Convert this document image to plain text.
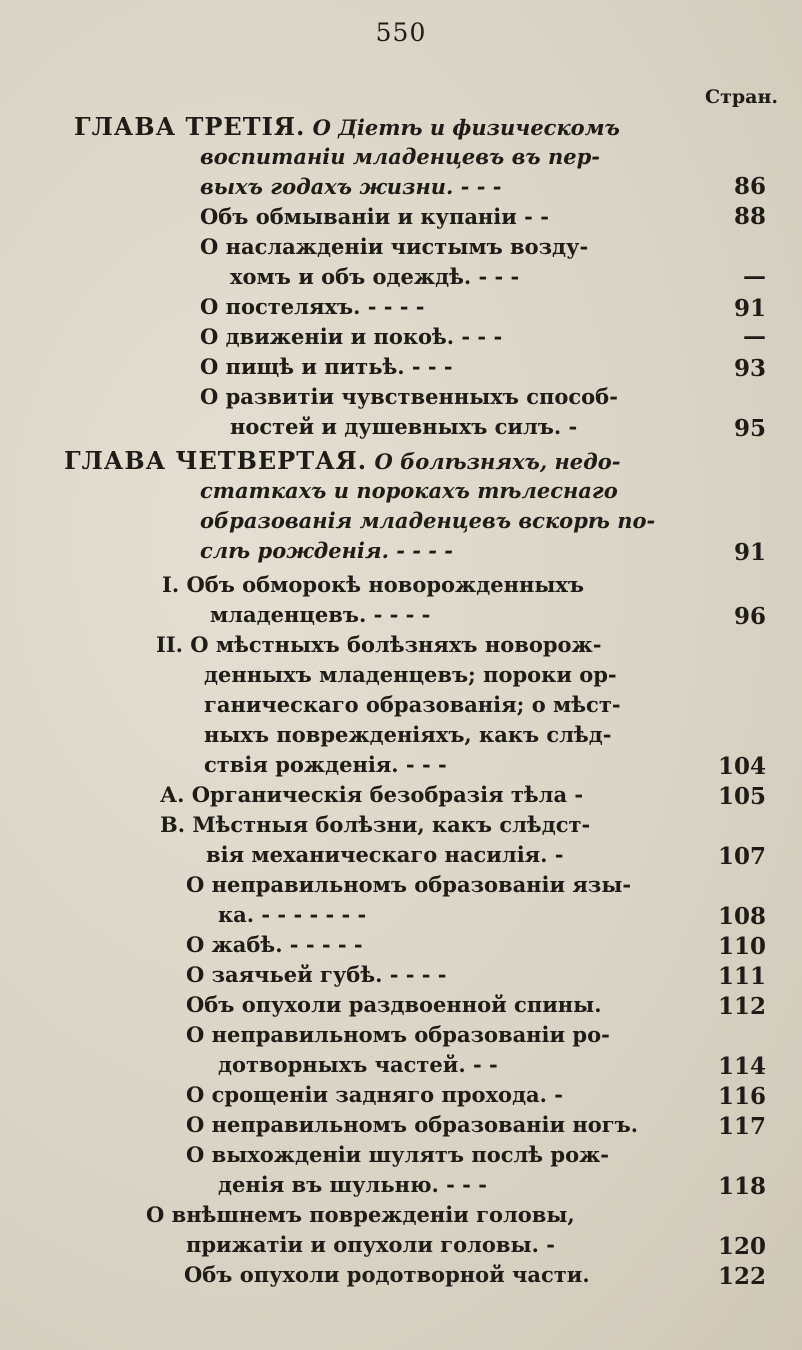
550
Стран.
ГЛАВА ТРЕТІЯ. О Діетѣ и физическомъ
воспитаніи младенцевъ въ пер-
выхъ годахъ жизни. - - -	86
Объ обмываніи и купаніи - -	88
О наслажденіи чистымъ возду-
хомъ и объ одеждѣ. - - -	—
О постеляхъ. - - - -	91
О движеніи и покоѣ. - - -	—
О пищѣ и питьѣ. - - -	93
О развитіи чувственныхъ способ-
ностей и душевныхъ силъ. -	95
ГЛАВА ЧЕТВЕРТАЯ. О болѣзняхъ, недо-
статкахъ и порокахъ тѣлеснаго
образованія младенцевъ вскорѣ по-
слѣ рожденія. - - - -	91
I. Объ обморокѣ новорожденныхъ
младенцевъ. - - - -	96
II. О мѣстныхъ болѣзняхъ новорож-
денныхъ младенцевъ; пороки ор-
ганическаго образованія; о мѣст-
ныхъ поврежденіяхъ, какъ слѣд-
ствія рожденія. - - -	104
А. Органическія безобразія тѣла -	105
В. Мѣстныя болѣзни, какъ слѣдст-
вія механическаго насилія. -	107
О неправильномъ образованіи язы-
ка. - - - - - - -	108
О жабѣ. - - - - -	110
О заячьей губѣ. - - - -	111
Объ опухоли раздвоенной спины.	112
О неправильномъ образованіи ро-
дотворныхъ частей. - -	114
О срощеніи задняго прохода. -	116
О неправильномъ образованіи ногъ.	117
О выхожденіи шулятъ послѣ рож-
денія въ шульню. - - -	118
О внѣшнемъ поврежденіи головы,
прижатіи и опухоли головы. -	120
Объ опухоли родотворной части.	122
